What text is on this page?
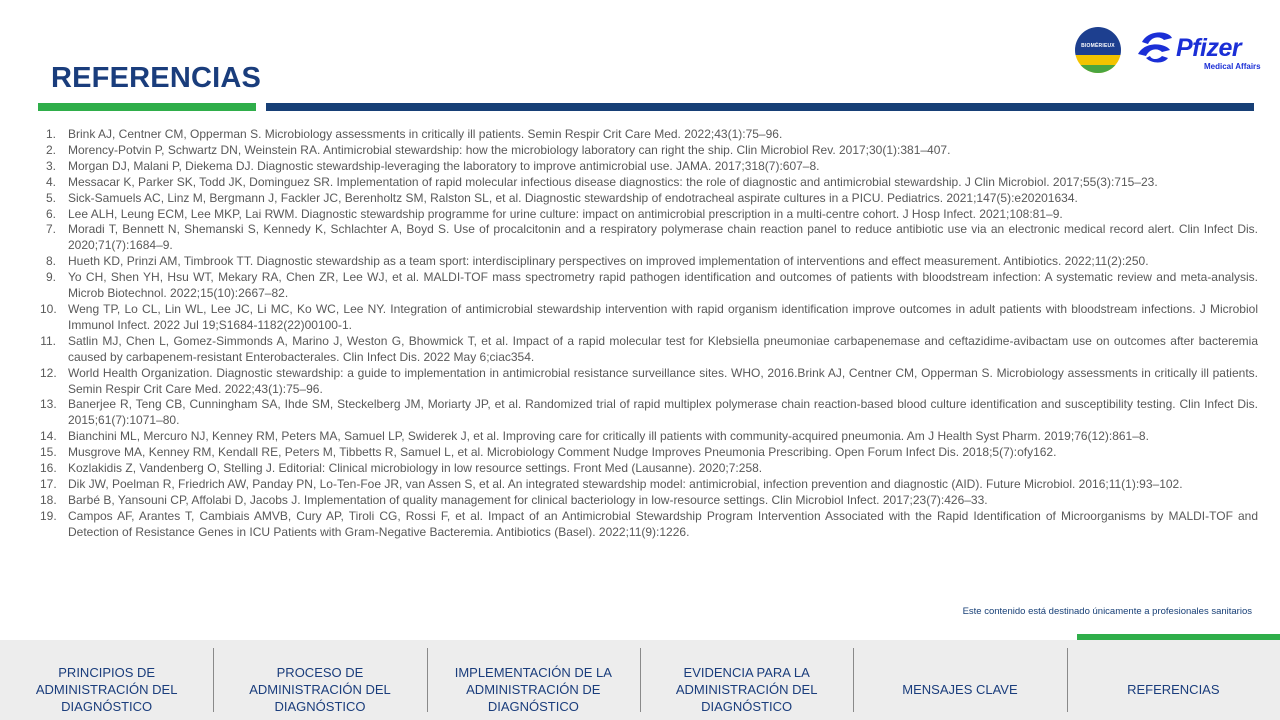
REFERENCIAS
BIOMÉRIEUX Pfizer
Medical Affairs
1.	Brink AJ, Centner CM, Opperman S. Microbiology assessments in critically ill patients. Semin Respir Crit Care Med. 2022;43(1):75–96.
2.	Morency-Potvin P, Schwartz DN, Weinstein RA. Antimicrobial stewardship: how the microbiology laboratory can right the ship. Clin Microbiol Rev. 2017;30(1):381–407.
3.	Morgan DJ, Malani P, Diekema DJ. Diagnostic stewardship-leveraging the laboratory to improve antimicrobial use. JAMA. 2017;318(7):607–8.
4.	Messacar K, Parker SK, Todd JK, Dominguez SR. Implementation of rapid molecular infectious disease diagnostics: the role of diagnostic and antimicrobial stewardship. J Clin Microbiol. 2017;55(3):715–23.
5.	Sick-Samuels AC, Linz M, Bergmann J, Fackler JC, Berenholtz SM, Ralston SL, et al. Diagnostic stewardship of endotracheal aspirate cultures in a PICU. Pediatrics. 2021;147(5):e20201634.
6.	Lee ALH, Leung ECM, Lee MKP, Lai RWM. Diagnostic stewardship programme for urine culture: impact on antimicrobial prescription in a multi-centre cohort. J Hosp Infect. 2021;108:81–9.
7.	Moradi T, Bennett N, Shemanski S, Kennedy K, Schlachter A, Boyd S. Use of procalcitonin and a respiratory polymerase chain reaction panel to reduce antibiotic use via an electronic medical record alert. Clin Infect Dis. 2020;71(7):1684–9.
8.	Hueth KD, Prinzi AM, Timbrook TT. Diagnostic stewardship as a team sport: interdisciplinary perspectives on improved implementation of interventions and effect measurement. Antibiotics. 2022;11(2):250.
9.	Yo CH, Shen YH, Hsu WT, Mekary RA, Chen ZR, Lee WJ, et al. MALDI-TOF mass spectrometry rapid pathogen identification and outcomes of patients with bloodstream infection: A systematic review and meta-analysis. Microb Biotechnol. 2022;15(10):2667–82.
10. Weng TP, Lo CL, Lin WL, Lee JC, Li MC, Ko WC, Lee NY. Integration of antimicrobial stewardship intervention with rapid organism identification improve outcomes in adult patients with bloodstream infections. J Microbiol Immunol Infect. 2022 Jul 19;S1684-1182(22)00100-1.
11.	Satlin MJ, Chen L, Gomez-Simmonds A, Marino J, Weston G, Bhowmick T, et al. Impact of a rapid molecular test for Klebsiella pneumoniae carbapenemase and ceftazidime-avibactam use on outcomes after bacteremia caused by carbapenem-resistant Enterobacterales. Clin Infect Dis. 2022 May 6;ciac354.
12. World Health Organization. Diagnostic stewardship: a guide to implementation in antimicrobial resistance surveillance sites. WHO, 2016.Brink AJ, Centner CM, Opperman S. Microbiology assessments in critically ill patients. Semin Respir Crit Care Med. 2022;43(1):75–96.
13. Banerjee R, Teng CB, Cunningham SA, Ihde SM, Steckelberg JM, Moriarty JP, et al. Randomized trial of rapid multiplex polymerase chain reaction-based blood culture identification and susceptibility testing. Clin Infect Dis. 2015;61(7):1071–80.
14. Bianchini ML, Mercuro NJ, Kenney RM, Peters MA, Samuel LP, Swiderek J, et al. Improving care for critically ill patients with community-acquired pneumonia. Am J Health Syst Pharm. 2019;76(12):861–8.
15. Musgrove MA, Kenney RM, Kendall RE, Peters M, Tibbetts R, Samuel L, et al. Microbiology Comment Nudge Improves Pneumonia Prescribing. Open Forum Infect Dis. 2018;5(7):ofy162.
16. Kozlakidis Z, Vandenberg O, Stelling J. Editorial: Clinical microbiology in low resource settings. Front Med (Lausanne). 2020;7:258.
17. Dik JW, Poelman R, Friedrich AW, Panday PN, Lo-Ten-Foe JR, van Assen S, et al. An integrated stewardship model: antimicrobial, infection prevention and diagnostic (AID). Future Microbiol. 2016;11(1):93–102.
18. Barbé B, Yansouni CP, Affolabi D, Jacobs J. Implementation of quality management for clinical bacteriology in low-resource settings. Clin Microbiol Infect. 2017;23(7):426–33.
19. Campos AF, Arantes T, Cambiais AMVB, Cury AP, Tiroli CG, Rossi F, et al. Impact of an Antimicrobial Stewardship Program Intervention Associated with the Rapid Identification of Microorganisms by MALDI-TOF and Detection of Resistance Genes in ICU Patients with Gram-Negative Bacteremia. Antibiotics (Basel). 2022;11(9):1226.
Este contenido está destinado únicamente a profesionales sanitarios
PRINCIPIOS DE
ADMINISTRACIÓN DEL
DIAGNÓSTICO
PROCESO DE
ADMINISTRACIÓN DEL
DIAGNÓSTICO
IMPLEMENTACIÓN DE LA
ADMINISTRACIÓN DE
DIAGNÓSTICO
EVIDENCIA PARA LA
ADMINISTRACIÓN DEL
DIAGNÓSTICO
MENSAJES CLAVE	REFERENCIAS
